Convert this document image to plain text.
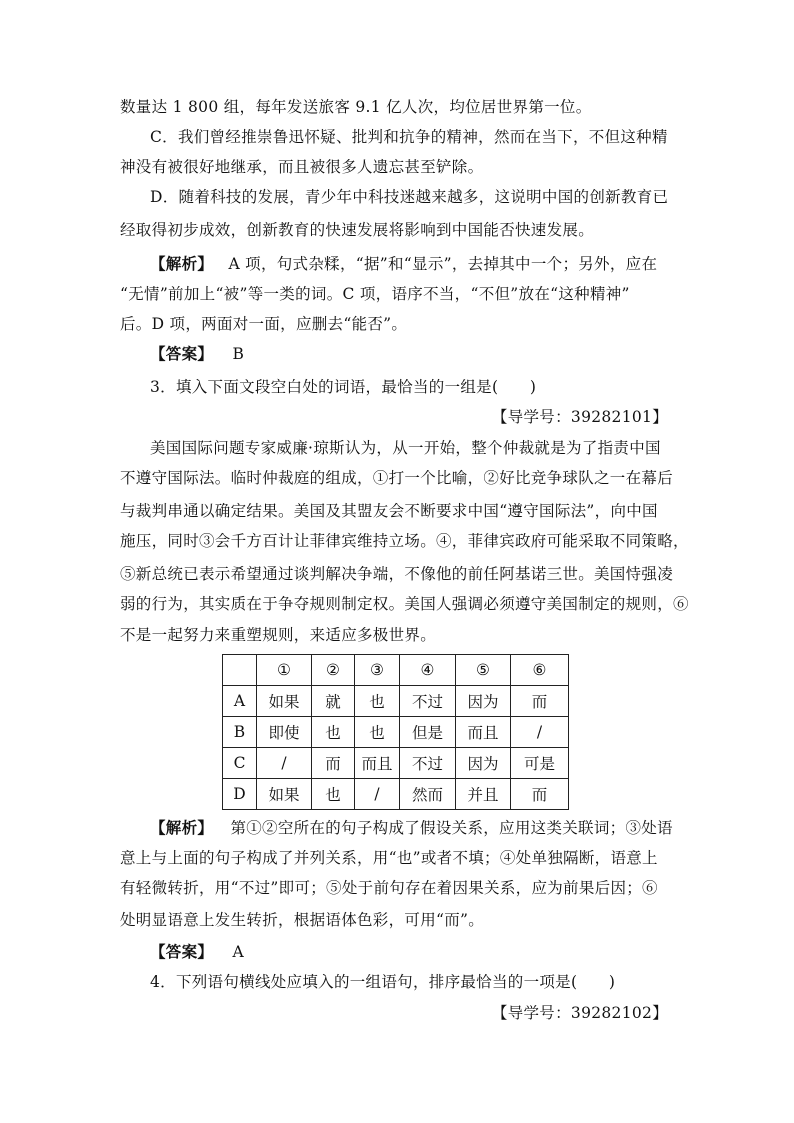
数量达 1 800 组，每年发送旅客 9.1 亿人次，均位居世界第一位。
C．我们曾经推崇鲁迅怀疑、批判和抗争的精神，然而在当下，不但这种精
神没有被很好地继承，而且被很多人遗忘甚至铲除。
D．随着科技的发展，青少年中科技迷越来越多，这说明中国的创新教育已
经取得初步成效，创新教育的快速发展将影响到中国能否快速发展。
【解析】 A 项，句式杂糅，“据”和“显示”，去掉其中一个；另外，应在
“无情”前加上“被”等一类的词。C 项，语序不当，“不但”放在“这种精神”
后。D 项，两面对一面，应删去“能否”。
【答案】 B
3．填入下面文段空白处的词语，最恰当的一组是(　　)
【导学号：39282101】
美国国际问题专家威廉·琼斯认为，从一开始，整个仲裁就是为了指责中国
不遵守国际法。临时仲裁庭的组成，①打一个比喻，②好比竞争球队之一在幕后
与裁判串通以确定结果。美国及其盟友会不断要求中国“遵守国际法”，向中国
施压，同时③会千方百计让菲律宾维持立场。④，菲律宾政府可能采取不同策略，
⑤新总统已表示希望通过谈判解决争端，不像他的前任阿基诺三世。美国恃强凌
弱的行为，其实质在于争夺规则制定权。美国人强调必须遵守美国制定的规则，⑥
不是一起努力来重塑规则，来适应多极世界。
	①	②	③	④	⑤	⑥
A	如果	就	也	不过	因为	而
B	即使	也	也	但是	而且	/
C	/	而	而且	不过	因为	可是
D	如果	也	/	然而	并且	而
【解析】 第①②空所在的句子构成了假设关系，应用这类关联词；③处语
意上与上面的句子构成了并列关系，用“也”或者不填；④处单独隔断，语意上
有轻微转折，用“不过”即可；⑤处于前句存在着因果关系，应为前果后因；⑥
处明显语意上发生转折，根据语体色彩，可用“而”。
【答案】 A
4．下列语句横线处应填入的一组语句，排序最恰当的一项是(　　)
【导学号：39282102】
